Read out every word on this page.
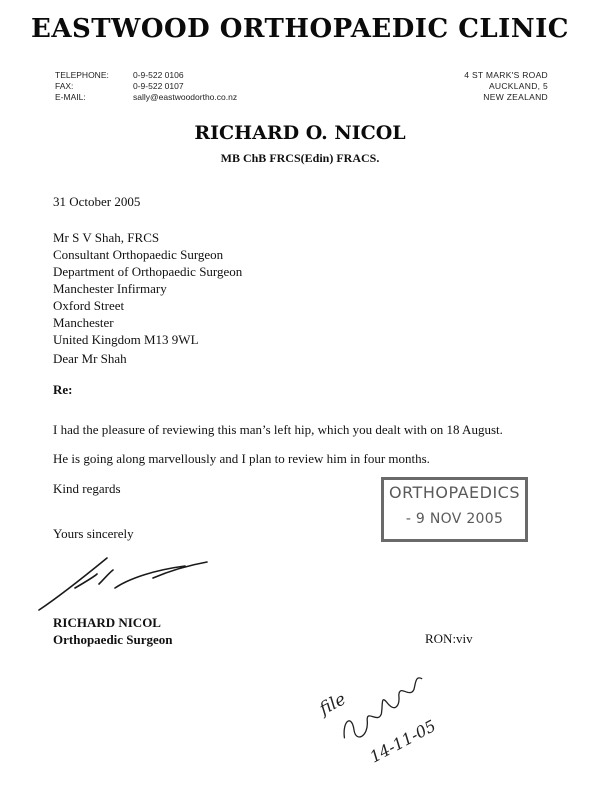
EASTWOOD ORTHOPAEDIC CLINIC
TELEPHONE:
FAX:
E-MAIL:
0-9-522 0106
0-9-522 0107
sally@eastwoodortho.co.nz
4 ST MARK'S ROAD
AUCKLAND, 5
NEW ZEALAND
RICHARD O. NICOL
MB ChB FRCS(Edin) FRACS.
31 October 2005
Mr S V Shah, FRCS
Consultant Orthopaedic Surgeon
Department of Orthopaedic Surgeon
Manchester Infirmary
Oxford Street
Manchester
United Kingdom M13 9WL
Dear Mr Shah
Re:
I had the pleasure of reviewing this man’s left hip, which you dealt with on 18 August.
He is going along marvellously and I plan to review him in four months.
Kind regards
Yours sincerely
ORTHOPAEDICS
- 9 NOV 2005
RICHARD NICOL
Orthopaedic Surgeon	RON:viv
file
14-11-05
